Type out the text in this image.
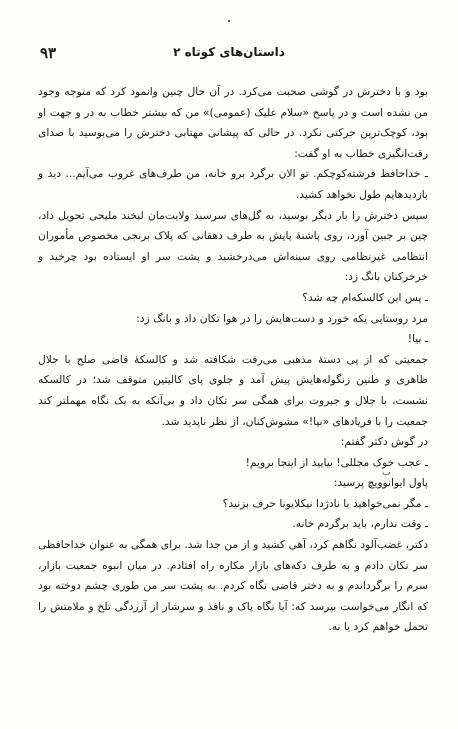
۹۳	داستان‌های کوتاه ۲
ب

بود و با دخترش در گوشی صحبت می‌کرد. در آن حال چنین وانمود کرد که متوجه وجود من نشده است و در پاسخ «سلام علیک (عمومی)» من که بیشتر خطاب به در و جهت او بود، کوچک‌ترین حرکتی نکرد. در حالی که پیشانی مهتابی دخترش را می‌بوسید با صدای رقت‌انگیزی خطاب به او گفت:

ـ خداحافظ فرشته‌کوچکم. تو الان برگرد برو خانه، من طرف‌های غروب می‌آیم... دید و بازدیدهایم طول نخواهد کشید.

سپس دخترش را بار دیگر بوسید، به گل‌های سرسبد ولایت‌مان لبخند ملیحی تحویل داد، چین بر جبین آورد، روی پاشنهٔ پایش به طرف دهقانی که پلاک برنجی مخصوص مأموران انتظامی غیرنظامی روی سینه‌اش می‌درخشید و پشت سر او ایستاده بود چرخید و خرخرکنان بانگ زد:

ـ پس این کالسکه‌ام چه شد؟

مرد روستایی یکه خورد و دست‌هایش را در هوا تکان داد و بانگ زد:

ـ بیا!

جمعیتی که از پی دستهٔ مذهبی می‌رفت شکافته شد و کالسکهٔ قاضی صلح با جلال ظاهری و طنین زنگوله‌هایش پیش آمد و جلوی پای کالیتین متوقف شد؛ در کالسکه نشست، با جلال و جبروت برای همگی سر تکان داد و بی‌آنکه به یک نگاه مهملتر کند جمعیت را با فریادهای «بپا!» مشوش‌کنان، از نظر ناپدید شد.

در گوش دکتر گفتم:

ـ عجب خوک مجللی! بیایید از اینجا برویم!

پاول ایوانوویچ پرسید:

ـ مگر نمی‌خواهید با نادژدا نیکلایونا حرف بزنید؟

ـ وقت ندارم، باید برگردم خانه.

دکتر، غضب‌آلود نگاهم کرد، آهی کشید و از من جدا شد. برای همگی به عنوان خداحافظی سر تکان دادم و به طرف دکه‌های بازار مکاره راه افتادم. در میان انبوه جمعیت بازار، سرم را برگرداندم و به دختر قاضی نگاه کردم. به پشت سر من طوری چشم دوخته بود که انگار می‌خواست بپرسد که: آیا نگاه پاک و نافذ و سرشار از آزردگی تلخ و ملامتش را تحمل خواهم کرد یا نه.
